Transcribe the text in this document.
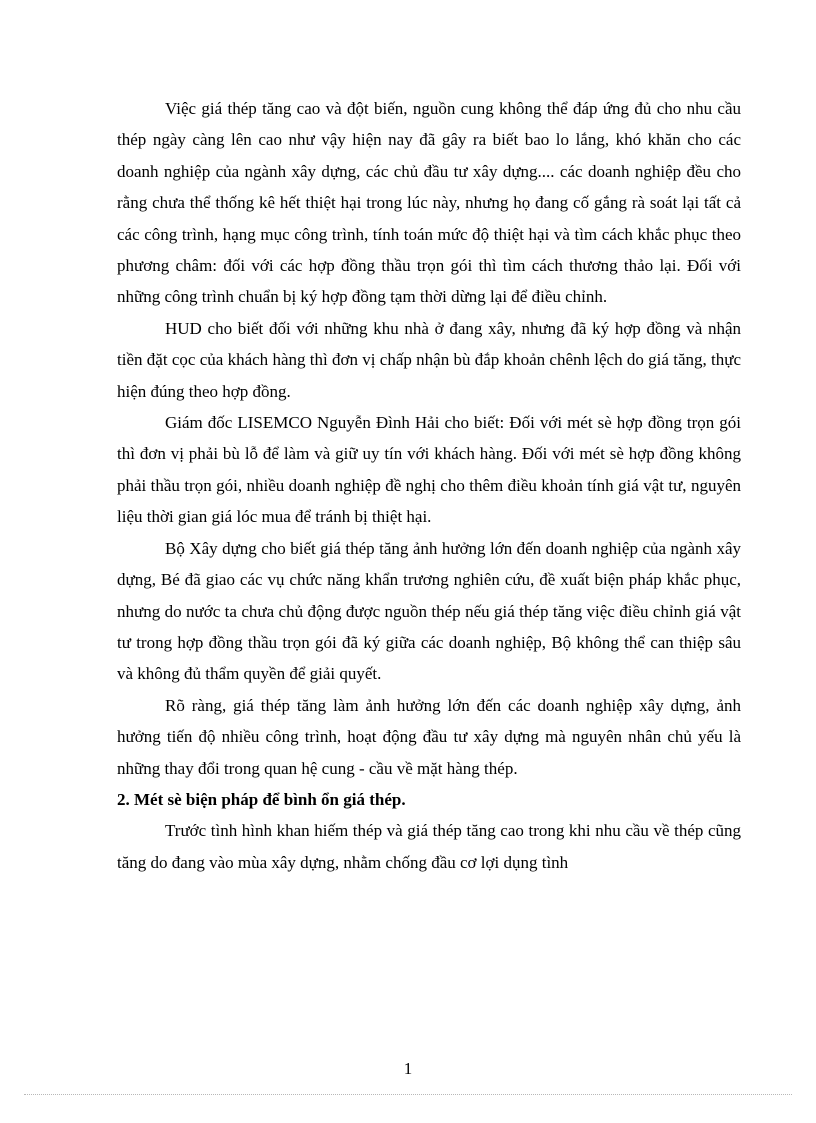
Việc giá thép tăng cao và đột biến, nguồn cung không thể đáp ứng đủ cho nhu cầu thép ngày càng lên cao như vậy hiện nay đã gây ra biết bao lo lắng, khó khăn cho các doanh nghiệp của ngành xây dựng, các chủ đầu tư xây dựng.... các doanh nghiệp đều cho rằng chưa thể thống kê hết thiệt hại trong lúc này, nhưng họ đang cố gắng rà soát lại tất cả các công trình, hạng mục công trình, tính toán mức độ thiệt hại và tìm cách khắc phục theo phương châm: đối với các hợp đồng thầu trọn gói thì tìm cách thương thảo lại. Đối với những công trình chuẩn bị ký hợp đồng tạm thời dừng lại để điều chỉnh.

HUD cho biết đối với những khu nhà ở đang xây, nhưng đã ký hợp đồng và nhận tiền đặt cọc của khách hàng thì đơn vị chấp nhận bù đắp khoản chênh lệch do giá tăng, thực hiện đúng theo hợp đồng.

Giám đốc LISEMCO Nguyễn Đình Hải cho biết: Đối với mét sè hợp đồng trọn gói thì đơn vị phải bù lỗ để làm và giữ uy tín với khách hàng. Đối với mét sè hợp đồng không phải thầu trọn gói, nhiều doanh nghiệp đề nghị cho thêm điều khoản tính giá vật tư, nguyên liệu thời gian giá lóc mua để tránh bị thiệt hại.

Bộ Xây dựng cho biết giá thép tăng ảnh hưởng lớn đến doanh nghiệp của ngành xây dựng, Bé đã giao các vụ chức năng khẩn trương nghiên cứu, đề xuất biện pháp khắc phục, nhưng do nước ta chưa chủ động được nguồn thép nếu giá thép tăng việc điều chỉnh giá vật tư trong hợp đồng thầu trọn gói đã ký giữa các doanh nghiệp, Bộ không thể can thiệp sâu và không đủ thẩm quyền để giải quyết.

Rõ ràng, giá thép tăng làm ảnh hưởng lớn đến các doanh nghiệp xây dựng, ảnh hưởng tiến độ nhiều công trình, hoạt động đầu tư xây dựng mà nguyên nhân chủ yếu là những thay đổi trong quan hệ cung - cầu về mặt hàng thép.

2. Mét sè biện pháp để bình ổn giá thép.

Trước tình hình khan hiếm thép và giá thép tăng cao trong khi nhu cầu về thép cũng tăng do đang vào mùa xây dựng, nhằm chống đầu cơ lợi dụng tình

1
